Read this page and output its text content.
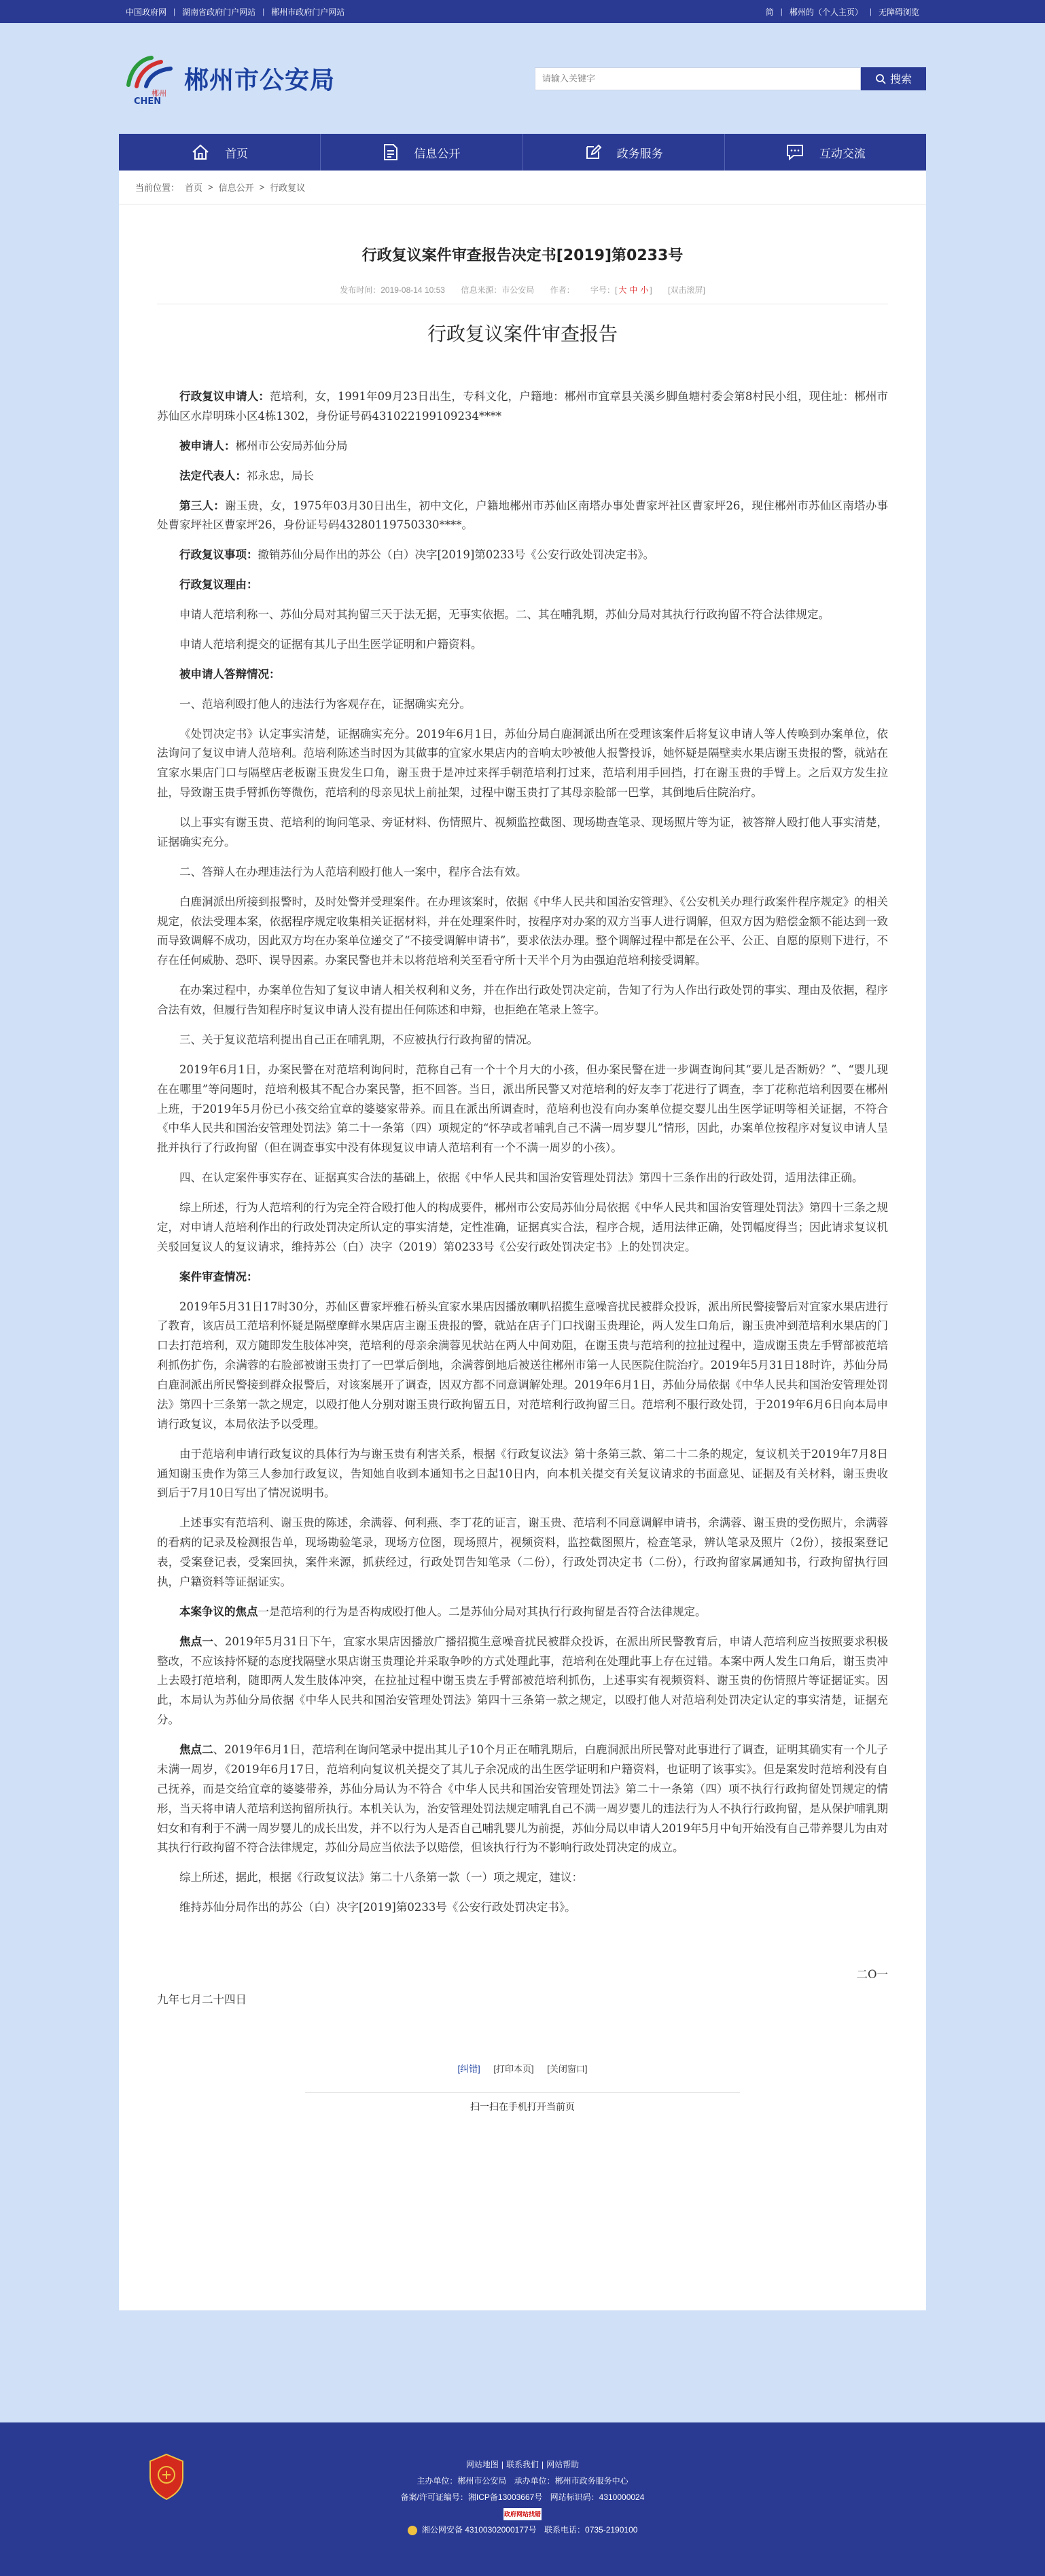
中国政府网 | 湖南省政府门户网站 | 郴州市政府门户网站	简 | 郴州的（个人主页） | 无障碍浏览
郴州
CHEN
郴州市公安局
请输入关键字	搜索
首页	信息公开	政务服务	互动交流
当前位置： 首页 > 信息公开 > 行政复议
行政复议案件审查报告决定书[2019]第0233号
发布时间：2019-08-14 10:53 信息来源：市公安局 作者： 字号：[ 大 中 小 ] [双击滚屏]
行政复议案件审查报告

行政复议申请人：范培利，女，1991年09月23日出生，专科文化，户籍地：郴州市宜章县关溪乡脚鱼塘村委会第8村民小组，现住址：郴州市苏仙区水岸明珠小区4栋1302，身份证号码431022199109234****

被申请人：郴州市公安局苏仙分局

法定代表人：祁永忠，局长

第三人：谢玉贵，女，1975年03月30日出生，初中文化，户籍地郴州市苏仙区南塔办事处曹家坪社区曹家坪26，现住郴州市苏仙区南塔办事处曹家坪社区曹家坪26，身份证号码43280119750330****。

行政复议事项：撤销苏仙分局作出的苏公（白）决字[2019]第0233号《公安行政处罚决定书》。

行政复议理由：

申请人范培利称一、苏仙分局对其拘留三天于法无据，无事实依据。二、其在哺乳期，苏仙分局对其执行行政拘留不符合法律规定。

申请人范培利提交的证据有其儿子出生医学证明和户籍资料。

被申请人答辩情况：

一、范培利殴打他人的违法行为客观存在，证据确实充分。

《处罚决定书》认定事实清楚，证据确实充分。2019年6月1日，苏仙分局白鹿洞派出所在受理该案件后将复议申请人等人传唤到办案单位，依法询问了复议申请人范培利。范培利陈述当时因为其做事的宜家水果店内的音响太吵被他人报警投诉，她怀疑是隔壁卖水果店谢玉贵报的警，就站在宜家水果店门口与隔壁店老板谢玉贵发生口角，谢玉贵于是冲过来挥手朝范培利打过来，范培利用手回挡，打在谢玉贵的手臂上。之后双方发生拉扯，导致谢玉贵手臂抓伤等微伤，范培利的母亲见状上前扯架，过程中谢玉贵打了其母亲脸部一巴掌，其倒地后住院治疗。

以上事实有谢玉贵、范培利的询问笔录、旁证材料、伤情照片、视频监控截图、现场勘查笔录、现场照片等为证，被答辩人殴打他人事实清楚，证据确实充分。

二、答辩人在办理违法行为人范培利殴打他人一案中，程序合法有效。

白鹿洞派出所接到报警时，及时处警并受理案件。在办理该案时，依据《中华人民共和国治安管理》、《公安机关办理行政案件程序规定》的相关规定，依法受理本案，依据程序规定收集相关证据材料，并在处理案件时，按程序对办案的双方当事人进行调解，但双方因为赔偿金额不能达到一致而导致调解不成功，因此双方均在办案单位递交了“不接受调解申请书”，要求依法办理。整个调解过程中都是在公平、公正、自愿的原则下进行，不存在任何威胁、恐吓、误导因素。办案民警也并未以将范培利关至看守所十天半个月为由强迫范培利接受调解。

在办案过程中，办案单位告知了复议申请人相关权利和义务，并在作出行政处罚决定前，告知了行为人作出行政处罚的事实、理由及依据，程序合法有效，但履行告知程序时复议申请人没有提出任何陈述和申辩，也拒绝在笔录上签字。

三、关于复议范培利提出自己正在哺乳期，不应被执行行政拘留的情况。

2019年6月1日，办案民警在对范培利询问时，范称自己有一个十个月大的小孩，但办案民警在进一步调查询问其“要儿是否断奶？”、“婴儿现在在哪里”等问题时，范培利极其不配合办案民警，拒不回答。当日，派出所民警又对范培利的好友李丁花进行了调查，李丁花称范培利因要在郴州上班，于2019年5月份已小孩交给宜章的婆婆家带养。而且在派出所调查时，范培利也没有向办案单位提交婴儿出生医学证明等相关证据，不符合《中华人民共和国治安管理处罚法》第二十一条第（四）项规定的“怀孕或者哺乳自己不满一周岁婴儿”情形，因此，办案单位按程序对复议申请人呈批并执行了行政拘留（但在调查事实中没有体现复议申请人范培利有一个不满一周岁的小孩）。

四、在认定案件事实存在、证据真实合法的基础上，依据《中华人民共和国治安管理处罚法》第四十三条作出的行政处罚，适用法律正确。

综上所述，行为人范培利的行为完全符合殴打他人的构成要件，郴州市公安局苏仙分局依据《中华人民共和国治安管理处罚法》第四十三条之规定，对申请人范培利作出的行政处罚决定所认定的事实清楚，定性准确，证据真实合法，程序合规，适用法律正确，处罚幅度得当；因此请求复议机关驳回复议人的复议请求，维持苏公（白）决字（2019）第0233号《公安行政处罚决定书》上的处罚决定。

案件审查情况：

2019年5月31日17时30分，苏仙区曹家坪雅石桥头宜家水果店因播放喇叭招揽生意噪音扰民被群众投诉，派出所民警接警后对宜家水果店进行了教育，该店员工范培利怀疑是隔壁摩鲜水果店店主谢玉贵报的警，就站在店子门口找谢玉贵理论，两人发生口角后，谢玉贵冲到范培利水果店的门口去打范培利，双方随即发生肢体冲突，范培利的母亲余满蓉见状站在两人中间劝阻，在谢玉贵与范培利的拉扯过程中，造成谢玉贵左手臂部被范培利抓伤扩伤，余满蓉的右脸部被谢玉贵打了一巴掌后倒地，余满蓉倒地后被送往郴州市第一人民医院住院治疗。2019年5月31日18时许，苏仙分局白鹿洞派出所民警接到群众报警后，对该案展开了调查，因双方都不同意调解处理。2019年6月1日，苏仙分局依据《中华人民共和国治安管理处罚法》第四十三条第一款之规定，以殴打他人分别对谢玉贵行政拘留五日，对范培利行政拘留三日。范培利不服行政处罚，于2019年6月6日向本局申请行政复议，本局依法予以受理。

由于范培利申请行政复议的具体行为与谢玉贵有利害关系，根据《行政复议法》第十条第三款、第二十二条的规定，复议机关于2019年7月8日通知谢玉贵作为第三人参加行政复议，告知她自收到本通知书之日起10日内，向本机关提交有关复议请求的书面意见、证据及有关材料，谢玉贵收到后于7月10日写出了情况说明书。

上述事实有范培利、谢玉贵的陈述，余满蓉、何利燕、李丁花的证言，谢玉贵、范培利不同意调解申请书，余满蓉、谢玉贵的受伤照片，余满蓉的看病的记录及检测报告单，现场勘验笔录，现场方位图，现场照片，视频资料，监控截图照片，检查笔录，辨认笔录及照片（2份），接报案登记表，受案登记表，受案回执，案件来源，抓获经过，行政处罚告知笔录（二份），行政处罚决定书（二份），行政拘留家属通知书，行政拘留执行回执，户籍资料等证据证实。

本案争议的焦点一是范培利的行为是否构成殴打他人。二是苏仙分局对其执行行政拘留是否符合法律规定。

焦点一、2019年5月31日下午，宜家水果店因播放广播招揽生意噪音扰民被群众投诉，在派出所民警教育后，申请人范培利应当按照要求积极整改，不应该持怀疑的态度找隔壁水果店谢玉贵理论并采取争吵的方式处理此事，范培利在处理此事上存在过错。本案中两人发生口角后，谢玉贵冲上去殴打范培利，随即两人发生肢体冲突，在拉扯过程中谢玉贵左手臂部被范培利抓伤，上述事实有视频资料、谢玉贵的伤情照片等证据证实。因此，本局认为苏仙分局依据《中华人民共和国治安管理处罚法》第四十三条第一款之规定，以殴打他人对范培利处罚决定认定的事实清楚，证据充分。

焦点二、2019年6月1日，范培利在询问笔录中提出其儿子10个月正在哺乳期后，白鹿洞派出所民警对此事进行了调查，证明其确实有一个儿子未满一周岁，《2019年6月17日，范培利向复议机关提交了其儿子余况成的出生医学证明和户籍资料，也证明了该事实》。但是案发时范培利没有自己抚养，而是交给宜章的婆婆带养，苏仙分局认为不符合《中华人民共和国治安管理处罚法》第二十一条第（四）项不执行行政拘留处罚规定的情形，当天将申请人范培利送拘留所执行。本机关认为，治安管理处罚法规定哺乳自己不满一周岁婴儿的违法行为人不执行行政拘留，是从保护哺乳期妇女和有利于不满一周岁婴儿的成长出发，并不以行为人是否自己哺乳婴儿为前提，苏仙分局以申请人2019年5月中旬开始没有自己带养婴儿为由对其执行行政拘留不符合法律规定，苏仙分局应当依法予以赔偿，但该执行行为不影响行政处罚决定的成立。

综上所述，据此，根据《行政复议法》第二十八条第一款（一）项之规定，建议：

维持苏仙分局作出的苏公（白）决字[2019]第0233号《公安行政处罚决定书》。

二O一

九年七月二十四日

[纠错] [打印本页] [关闭窗口]
扫一扫在手机打开当前页
网站地图 | 联系我们 | 网站帮助
主办单位：郴州市公安局 承办单位：郴州市政务服务中心
备案/许可证编号：湘ICP备13003667号 网站标识码：4310000024
政府网站找错
湘公网安备 43100302000177号 联系电话：0735-2190100
